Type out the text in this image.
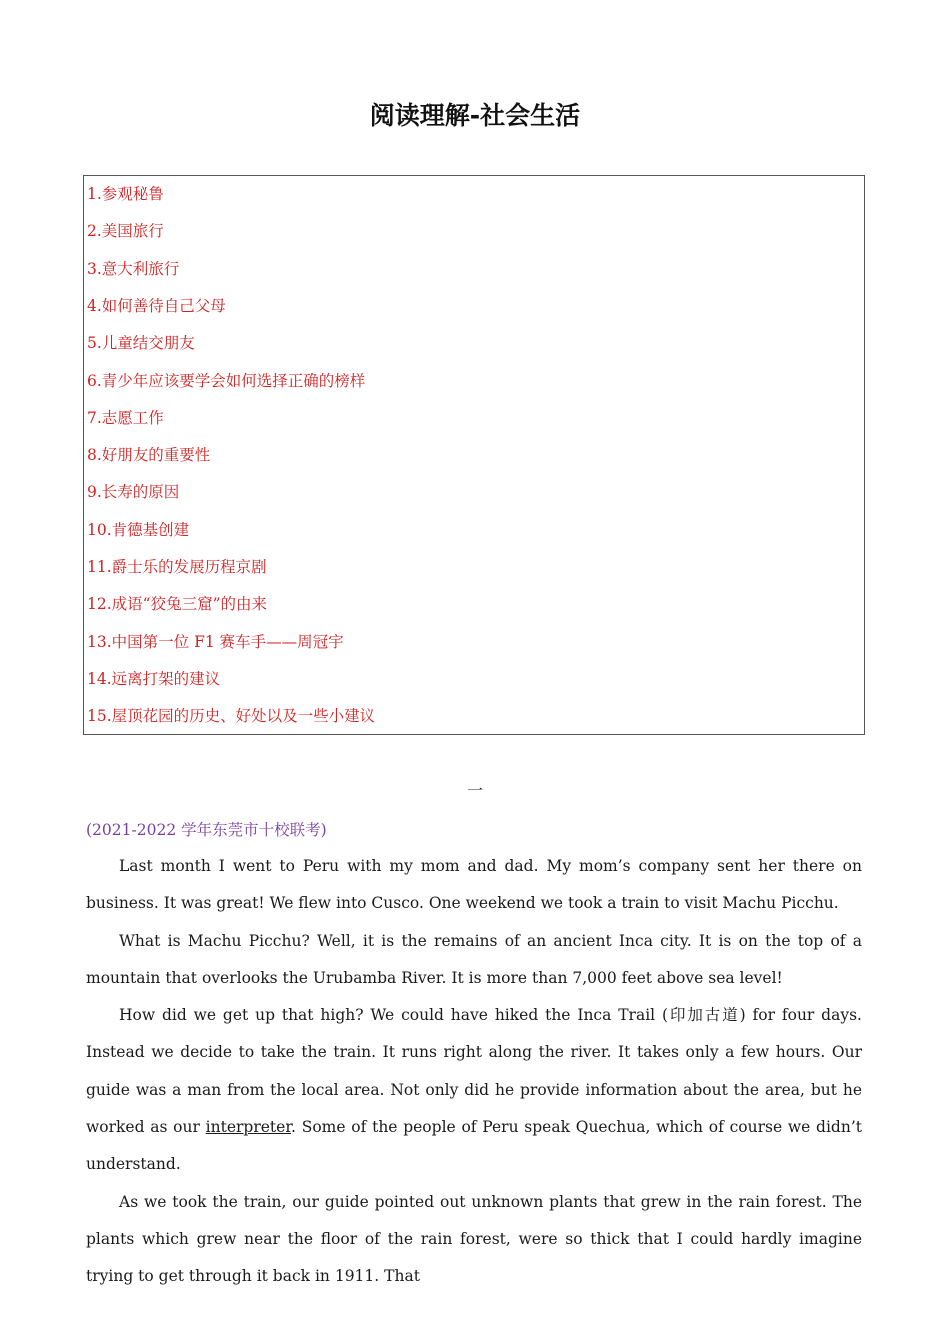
阅读理解-社会生活
1.参观秘鲁
2.美国旅行
3.意大利旅行
4.如何善待自己父母
5.儿童结交朋友
6.青少年应该要学会如何选择正确的榜样
7.志愿工作
8.好朋友的重要性
9.长寿的原因
10.肯德基创建
11.爵士乐的发展历程京剧
12.成语“狡兔三窟”的由来
13.中国第一位 F1 赛车手——周冠宇
14.远离打架的建议
15.屋顶花园的历史、好处以及一些小建议
一
(2021-2022 学年东莞市十校联考)

Last month I went to Peru with my mom and dad. My mom’s company sent her there on business. It was great! We flew into Cusco. One weekend we took a train to visit Machu Picchu.

What is Machu Picchu? Well, it is the remains of an ancient Inca city. It is on the top of a mountain that overlooks the Urubamba River. It is more than 7,000 feet above sea level!

How did we get up that high? We could have hiked the Inca Trail (印加古道) for four days. Instead we decide to take the train. It runs right along the river. It takes only a few hours. Our guide was a man from the local area. Not only did he provide information about the area, but he worked as our interpreter. Some of the people of Peru speak Quechua, which of course we didn’t understand.

As we took the train, our guide pointed out unknown plants that grew in the rain forest. The plants which grew near the floor of the rain forest, were so thick that I could hardly imagine trying to get through it back in 1911. That
